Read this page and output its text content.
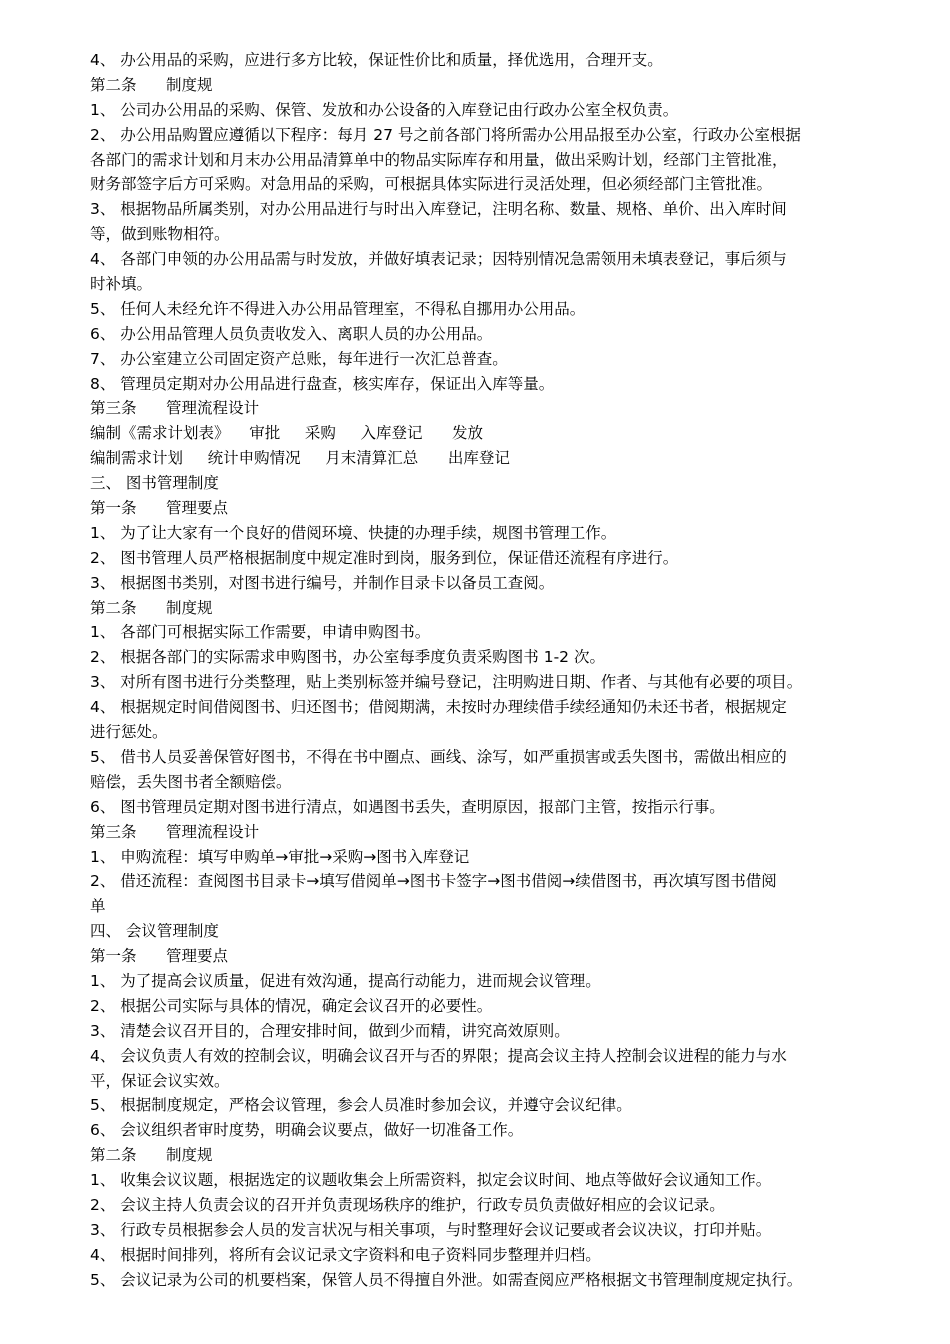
4、 办公用品的采购，应进行多方比较，保证性价比和质量，择优选用，合理开支。
第二条      制度规
1、 公司办公用品的采购、保管、发放和办公设备的入库登记由行政办公室全权负责。
2、 办公用品购置应遵循以下程序：每月 27 号之前各部门将所需办公用品报至办公室，行政办公室根据
各部门的需求计划和月末办公用品清算单中的物品实际库存和用量，做出采购计划，经部门主管批准，
财务部签字后方可采购。对急用品的采购，可根据具体实际进行灵活处理，但必须经部门主管批准。
3、 根据物品所属类别，对办公用品进行与时出入库登记，注明名称、数量、规格、单价、出入库时间
等，做到账物相符。
4、 各部门申领的办公用品需与时发放，并做好填表记录；因特别情况急需领用未填表登记，事后须与
时补填。
5、 任何人未经允许不得进入办公用品管理室，不得私自挪用办公用品。
6、 办公用品管理人员负责收发入、离职人员的办公用品。
7、 办公室建立公司固定资产总账，每年进行一次汇总普查。
8、 管理员定期对办公用品进行盘查，核实库存，保证出入库等量。
第三条      管理流程设计
编制《需求计划表》    审批     采购     入库登记      发放
编制需求计划     统计申购情况     月末清算汇总      出库登记
三、 图书管理制度
第一条      管理要点
1、 为了让大家有一个良好的借阅环境、快捷的办理手续，规图书管理工作。
2、 图书管理人员严格根据制度中规定准时到岗，服务到位，保证借还流程有序进行。
3、 根据图书类别，对图书进行编号，并制作目录卡以备员工查阅。
第二条      制度规
1、 各部门可根据实际工作需要，申请申购图书。
2、 根据各部门的实际需求申购图书，办公室每季度负责采购图书 1-2 次。
3、 对所有图书进行分类整理，贴上类别标签并编号登记，注明购进日期、作者、与其他有必要的项目。
4、 根据规定时间借阅图书、归还图书；借阅期满，未按时办理续借手续经通知仍未还书者，根据规定
进行惩处。
5、 借书人员妥善保管好图书，不得在书中圈点、画线、涂写，如严重损害或丢失图书，需做出相应的
赔偿，丢失图书者全额赔偿。
6、 图书管理员定期对图书进行清点，如遇图书丢失，查明原因，报部门主管，按指示行事。
第三条      管理流程设计
1、 申购流程：填写申购单→审批→采购→图书入库登记
2、 借还流程：查阅图书目录卡→填写借阅单→图书卡签字→图书借阅→续借图书，再次填写图书借阅
单
四、 会议管理制度
第一条      管理要点
1、 为了提高会议质量，促进有效沟通，提高行动能力，进而规会议管理。
2、 根据公司实际与具体的情况，确定会议召开的必要性。
3、 清楚会议召开目的，合理安排时间，做到少而精，讲究高效原则。
4、 会议负责人有效的控制会议，明确会议召开与否的界限；提高会议主持人控制会议进程的能力与水
平，保证会议实效。
5、 根据制度规定，严格会议管理，参会人员准时参加会议，并遵守会议纪律。
6、 会议组织者审时度势，明确会议要点，做好一切准备工作。
第二条      制度规
1、 收集会议议题，根据选定的议题收集会上所需资料，拟定会议时间、地点等做好会议通知工作。
2、 会议主持人负责会议的召开并负责现场秩序的维护，行政专员负责做好相应的会议记录。
3、 行政专员根据参会人员的发言状况与相关事项，与时整理好会议记要或者会议决议，打印并贴。
4、 根据时间排列，将所有会议记录文字资料和电子资料同步整理并归档。
5、 会议记录为公司的机要档案，保管人员不得擅自外泄。如需查阅应严格根据文书管理制度规定执行。
